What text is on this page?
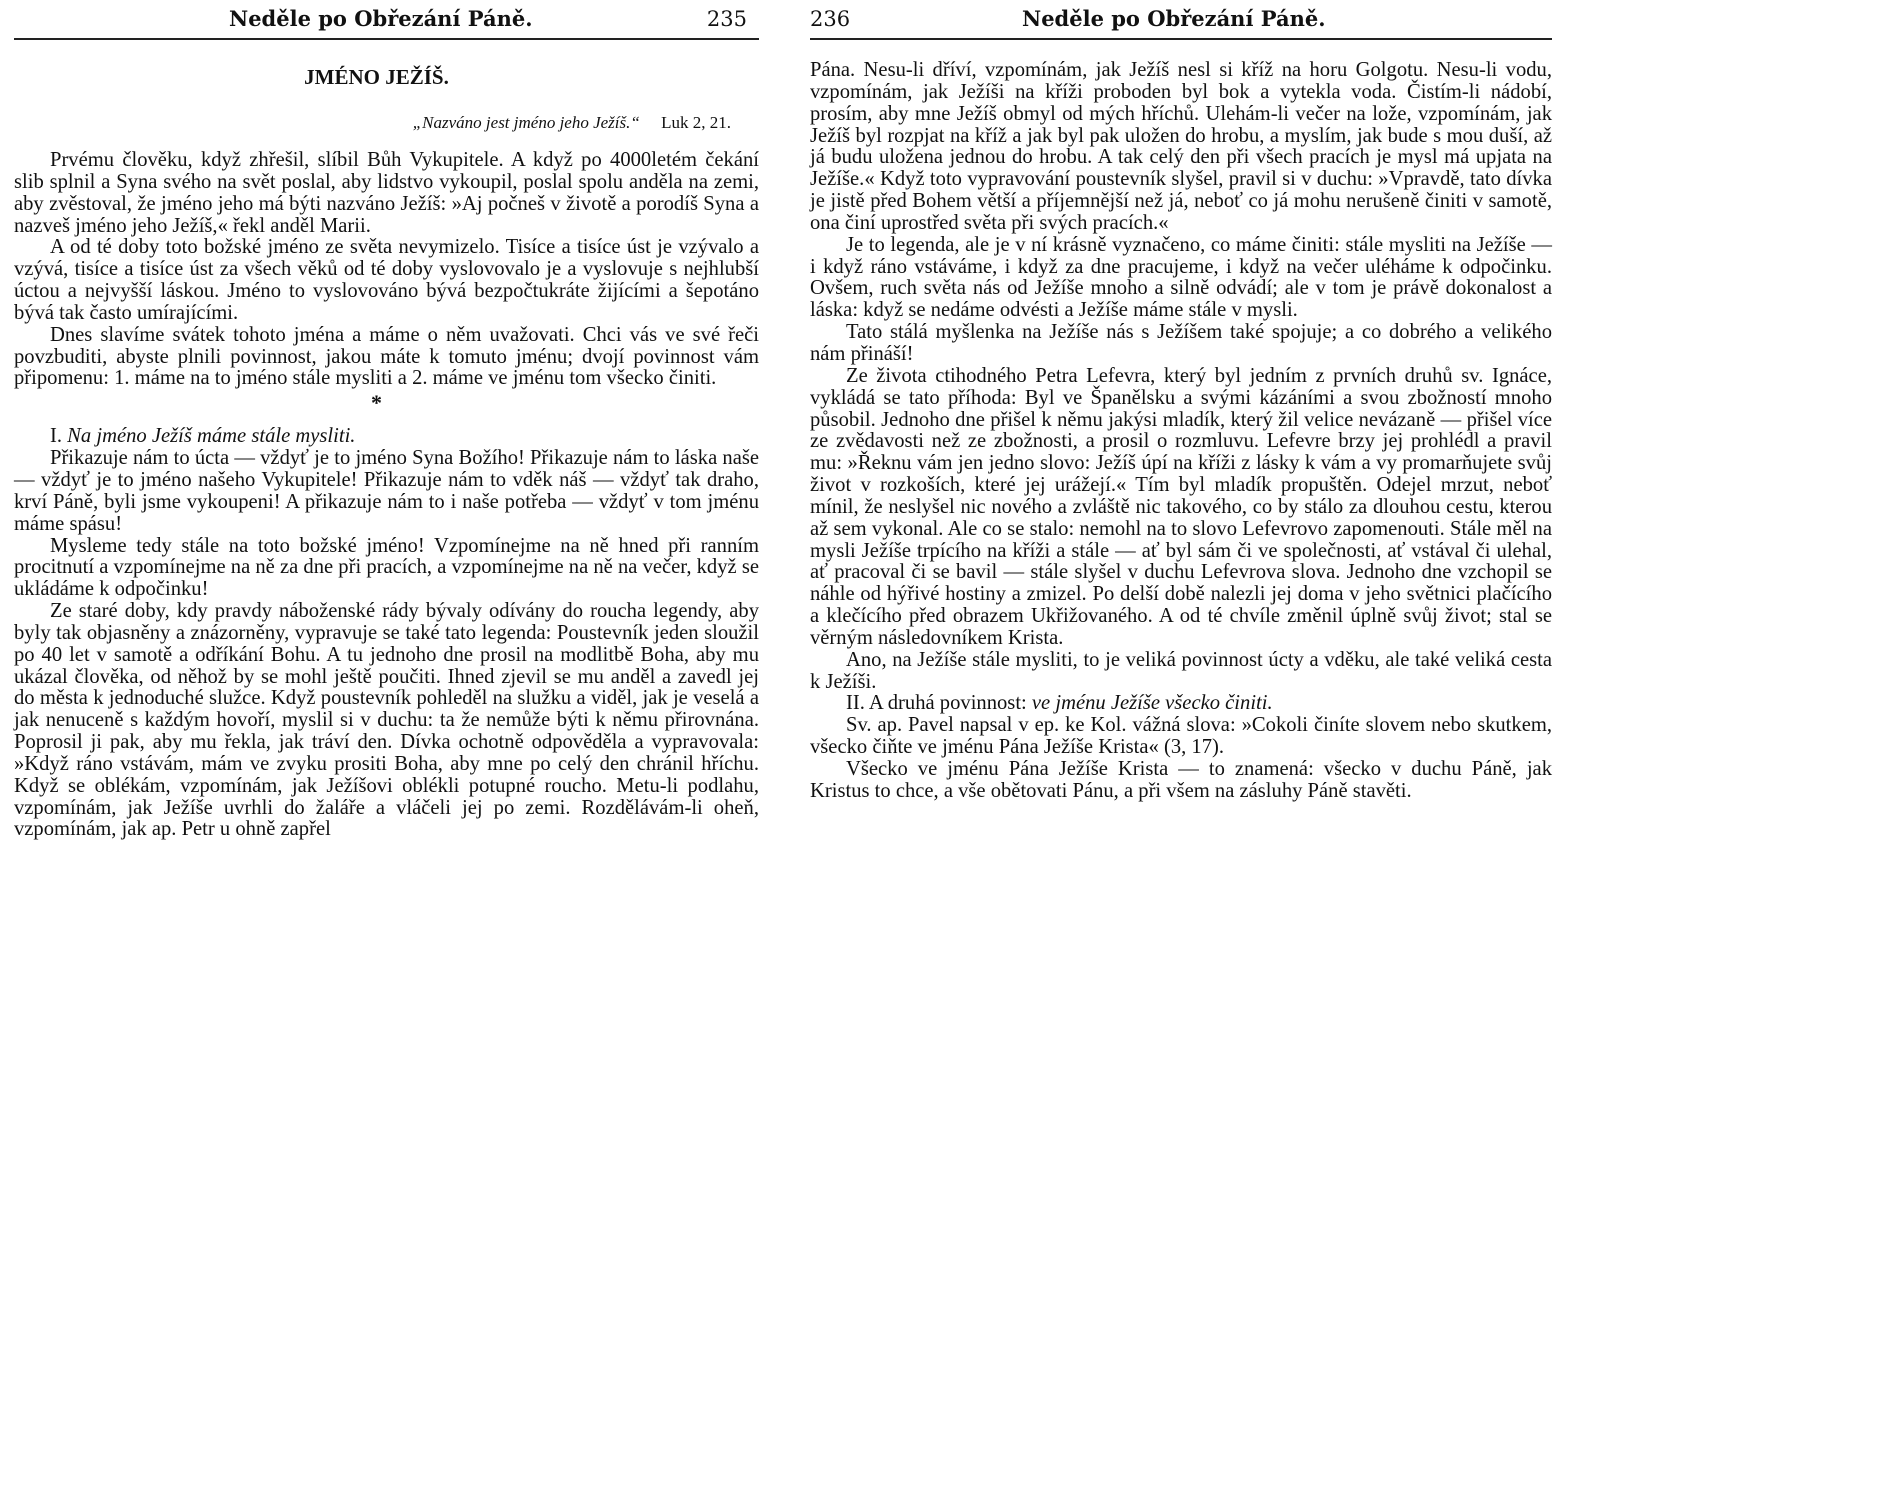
Neděle po Obřezání Páně.	235
JMÉNO JEŽÍŠ.
„Nazváno jest jméno jeho Ježíš.“ Luk 2, 21.

Prvému člověku, když zhřešil, slíbil Bůh Vykupitele. A když po 4000letém čekání slib splnil a Syna svého na svět poslal, aby lidstvo vykoupil, poslal spolu anděla na zemi, aby zvěstoval, že jméno jeho má býti nazváno Ježíš: »Aj počneš v životě a porodíš Syna a nazveš jméno jeho Ježíš,« řekl anděl Marii.

A od té doby toto božské jméno ze světa nevymizelo. Tisíce a tisíce úst je vzývalo a vzývá, tisíce a tisíce úst za všech věků od té doby vyslovovalo je a vyslovuje s nejhlubší úctou a nejvyšší láskou. Jméno to vyslovováno bývá bezpočtukráte žijícími a šepotáno bývá tak často umírajícími.

Dnes slavíme svátek tohoto jména a máme o něm uvažovati. Chci vás ve své řeči povzbuditi, abyste plnili povinnost, jakou máte k tomuto jménu; dvojí povinnost vám připomenu: 1. máme na to jméno stále mysliti a 2. máme ve jménu tom všecko činiti.

*

I. Na jméno Ježíš máme stále mysliti.

Přikazuje nám to úcta — vždyť je to jméno Syna Božího! Přikazuje nám to láska naše — vždyť je to jméno našeho Vykupitele! Přikazuje nám to vděk náš — vždyť tak draho, krví Páně, byli jsme vykoupeni! A přikazuje nám to i naše potřeba — vždyť v tom jménu máme spásu!

Mysleme tedy stále na toto božské jméno! Vzpomínejme na ně hned při ranním procitnutí a vzpomínejme na ně za dne při pracích, a vzpomínejme na ně na večer, když se ukládáme k odpočinku!

Ze staré doby, kdy pravdy náboženské rády bývaly odívány do roucha legendy, aby byly tak objasněny a znázorněny, vypravuje se také tato legenda: Poustevník jeden sloužil po 40 let v samotě a odříkání Bohu. A tu jednoho dne prosil na modlitbě Boha, aby mu ukázal člověka, od něhož by se mohl ještě poučiti. Ihned zjevil se mu anděl a zavedl jej do města k jednoduché služce. Když poustevník pohleděl na služku a viděl, jak je veselá a jak nenuceně s každým hovoří, myslil si v duchu: ta že nemůže býti k němu přirovnána. Poprosil ji pak, aby mu řekla, jak tráví den. Dívka ochotně odpověděla a vypravovala: »Když ráno vstávám, mám ve zvyku prositi Boha, aby mne po celý den chránil hříchu. Když se oblékám, vzpomínám, jak Ježíšovi oblékli potupné roucho. Metu-li podlahu, vzpomínám, jak Ježíše uvrhli do žaláře a vláčeli jej po zemi. Rozdělávám-li oheň, vzpomínám, jak ap. Petr u ohně zapřel

236	Neděle po Obřezání Páně.

Pána. Nesu-li dříví, vzpomínám, jak Ježíš nesl si kříž na horu Golgotu. Nesu-li vodu, vzpomínám, jak Ježíši na kříži proboden byl bok a vytekla voda. Čistím-li nádobí, prosím, aby mne Ježíš obmyl od mých hříchů. Ulehám-li večer na lože, vzpomínám, jak Ježíš byl rozpjat na kříž a jak byl pak uložen do hrobu, a myslím, jak bude s mou duší, až já budu uložena jednou do hrobu. A tak celý den při všech pracích je mysl má upjata na Ježíše.« Když toto vypravování poustevník slyšel, pravil si v duchu: »Vpravdě, tato dívka je jistě před Bohem větší a příjemnější než já, neboť co já mohu nerušeně činiti v samotě, ona činí uprostřed světa při svých pracích.«

Je to legenda, ale je v ní krásně vyznačeno, co máme činiti: stále mysliti na Ježíše — i když ráno vstáváme, i když za dne pracujeme, i když na večer uléháme k odpočinku. Ovšem, ruch světa nás od Ježíše mnoho a silně odvádí; ale v tom je právě dokonalost a láska: když se nedáme odvésti a Ježíše máme stále v mysli.

Tato stálá myšlenka na Ježíše nás s Ježíšem také spojuje; a co dobrého a velikého nám přináší!

Ze života ctihodného Petra Lefevra, který byl jedním z prvních druhů sv. Ignáce, vykládá se tato příhoda: Byl ve Španělsku a svými kázáními a svou zbožností mnoho působil. Jednoho dne přišel k němu jakýsi mladík, který žil velice nevázaně — přišel více ze zvědavosti než ze zbožnosti, a prosil o rozmluvu. Lefevre brzy jej prohlédl a pravil mu: »Řeknu vám jen jedno slovo: Ježíš úpí na kříži z lásky k vám a vy promarňujete svůj život v rozkoších, které jej urážejí.« Tím byl mladík propuštěn. Odejel mrzut, neboť mínil, že neslyšel nic nového a zvláště nic takového, co by stálo za dlouhou cestu, kterou až sem vykonal. Ale co se stalo: nemohl na to slovo Lefevrovo zapomenouti. Stále měl na mysli Ježíše trpícího na kříži a stále — ať byl sám či ve společnosti, ať vstával či ulehal, ať pracoval či se bavil — stále slyšel v duchu Lefevrova slova. Jednoho dne vzchopil se náhle od hýřivé hostiny a zmizel. Po delší době nalezli jej doma v jeho světnici plačícího a klečícího před obrazem Ukřižovaného. A od té chvíle změnil úplně svůj život; stal se věrným následovníkem Krista.

Ano, na Ježíše stále mysliti, to je veliká povinnost úcty a vděku, ale také veliká cesta k Ježíši.

II. A druhá povinnost: ve jménu Ježíše všecko činiti.

Sv. ap. Pavel napsal v ep. ke Kol. vážná slova: »Cokoli činíte slovem nebo skutkem, všecko čiňte ve jménu Pána Ježíše Krista« (3, 17).

Všecko ve jménu Pána Ježíše Krista — to znamená: všecko v duchu Páně, jak Kristus to chce, a vše obětovati Pánu, a při všem na zásluhy Páně stavěti.
